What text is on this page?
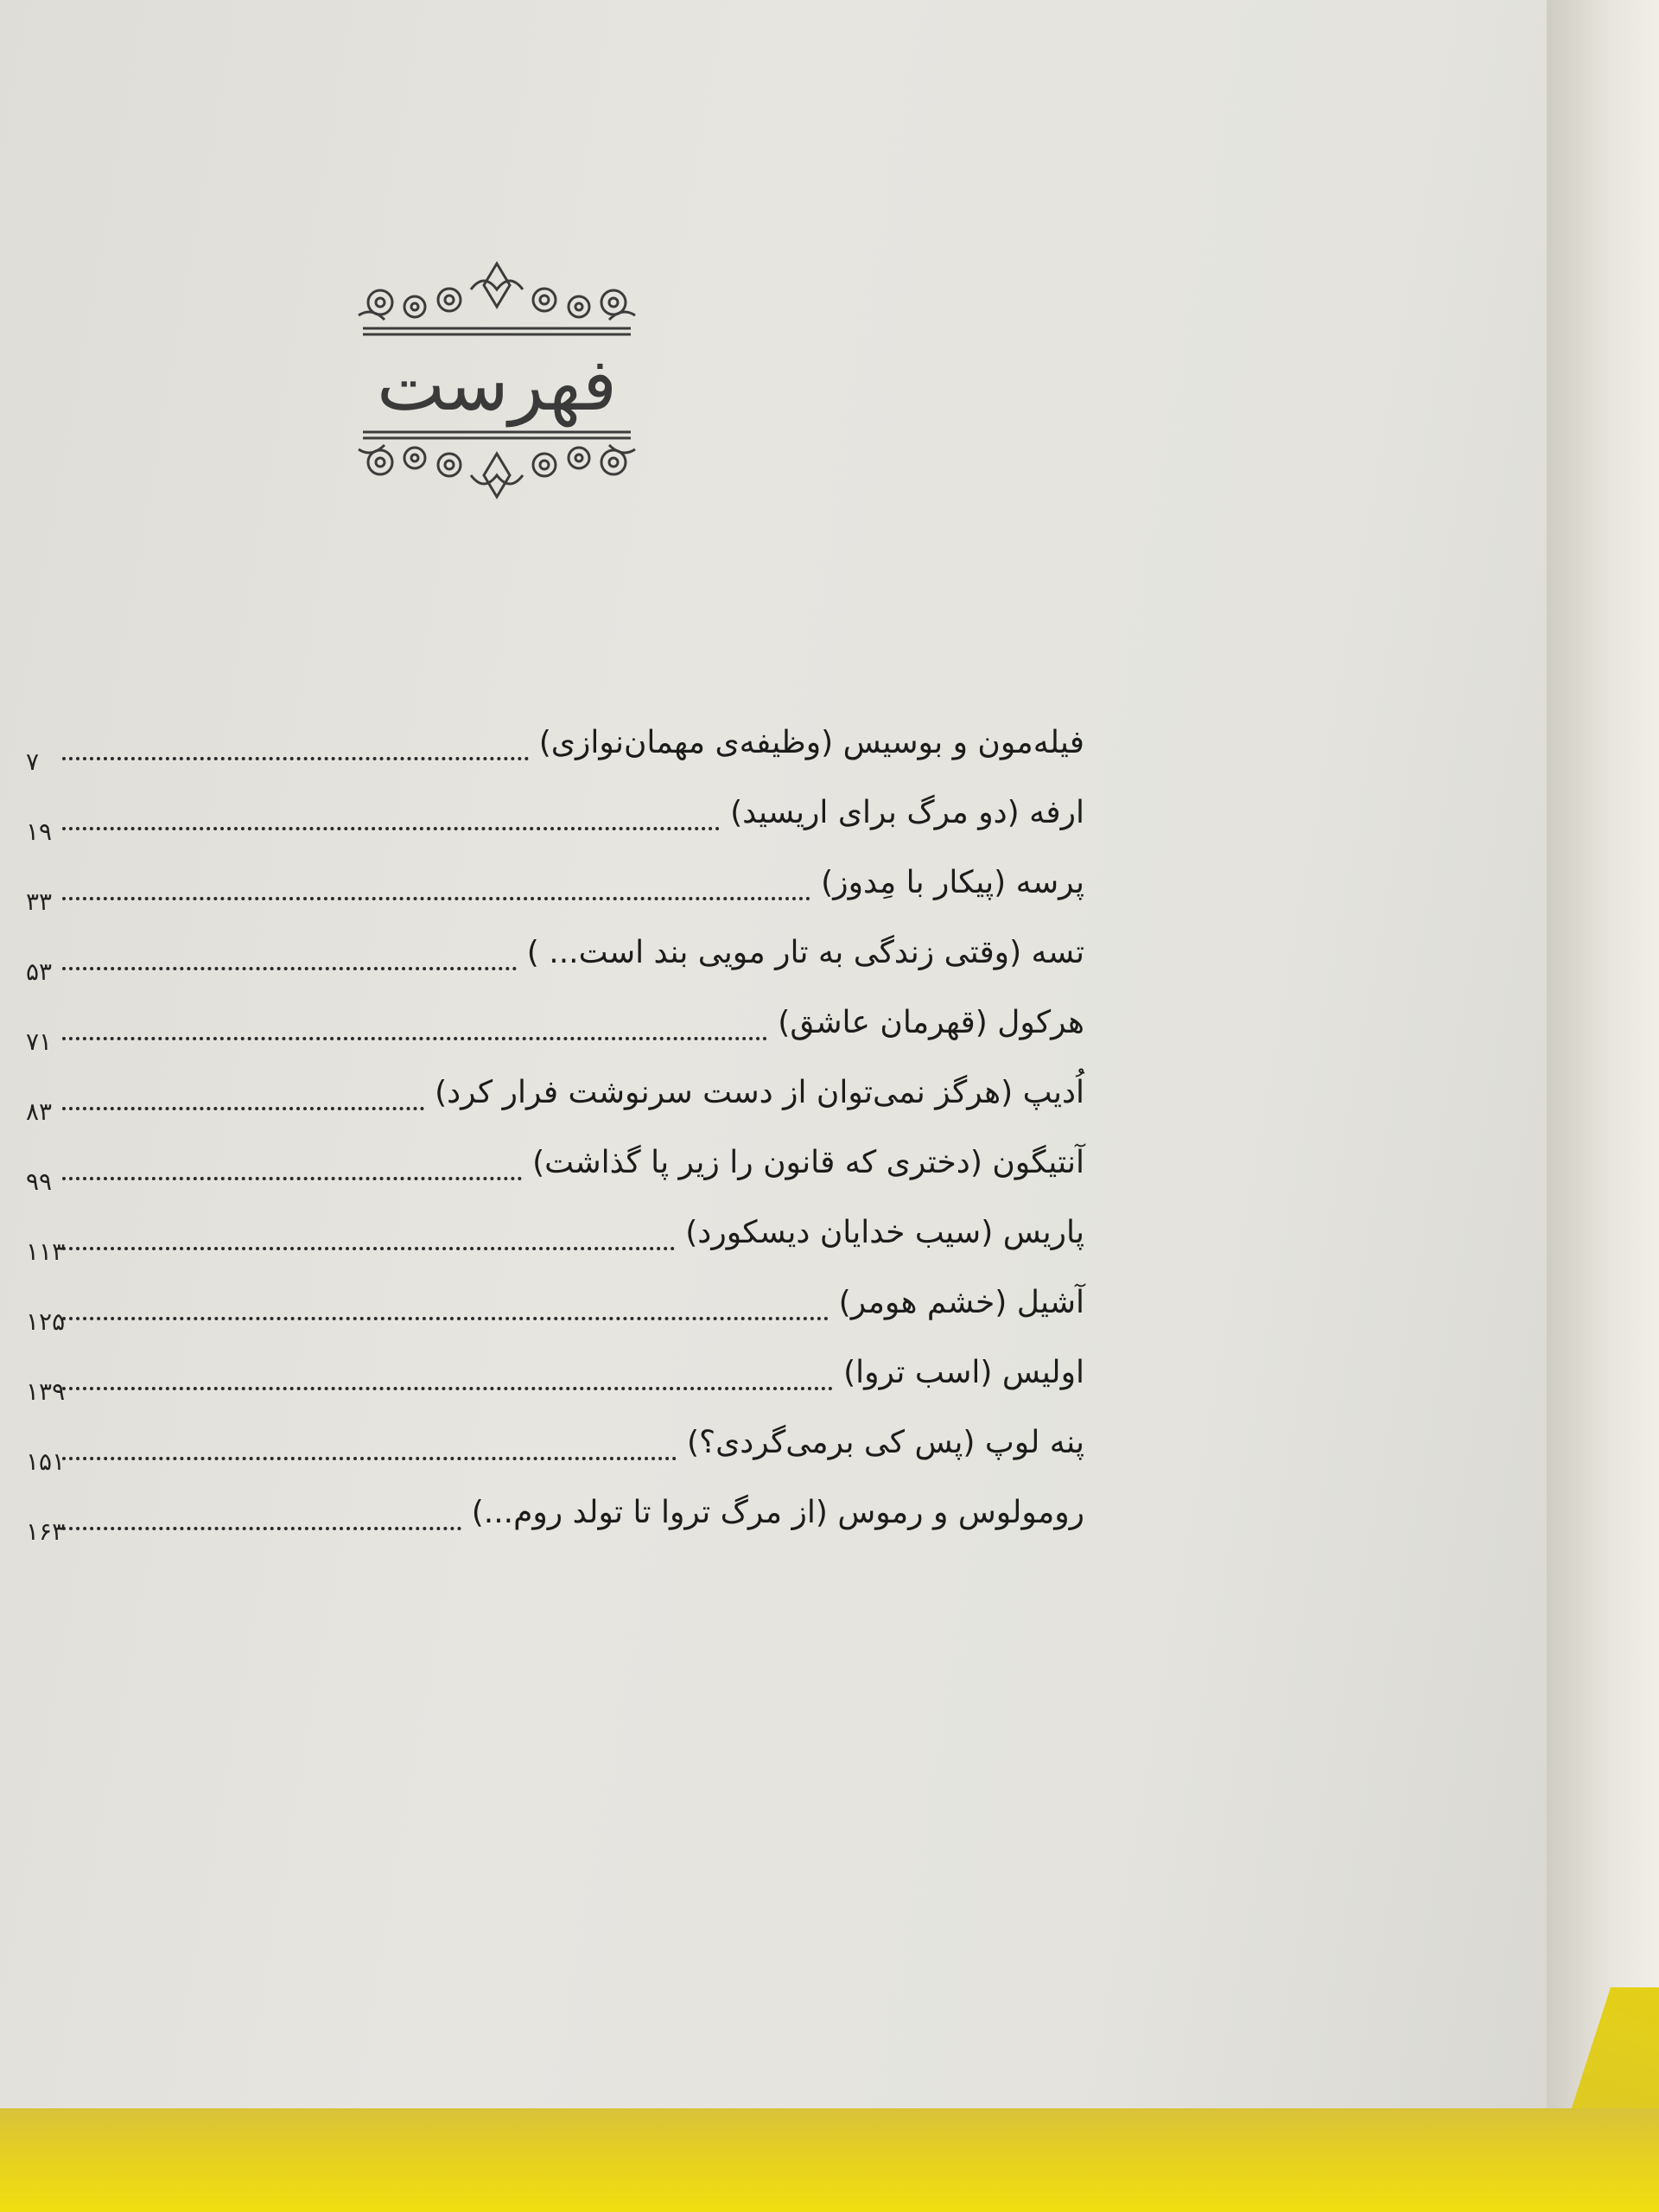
فهرست
فیله‌مون و بوسیس (وظیفه‌ی مهمان‌نوازی)
۷
ارفه (دو مرگ برای اریسید)
۱۹
پرسه (پیکار با مِدوز)
۳۳
تسه (وقتی زندگی به تار مویی بند است... )
۵۳
هرکول (قهرمان عاشق)
۷۱
اُدیپ (هرگز نمی‌توان از دست سرنوشت فرار کرد)
۸۳
آنتیگون (دختری که قانون را زیر پا گذاشت)
۹۹
پاریس (سیب خدایان دیسکورد)
۱۱۳
آشیل (خشم هومر)
۱۲۵
اولیس (اسب تروا)
۱۳۹
پنه لوپ (پس کی برمی‌گردی؟)
۱۵۱
رومولوس و رموس (از مرگ تروا تا تولد روم...)
۱۶۳
